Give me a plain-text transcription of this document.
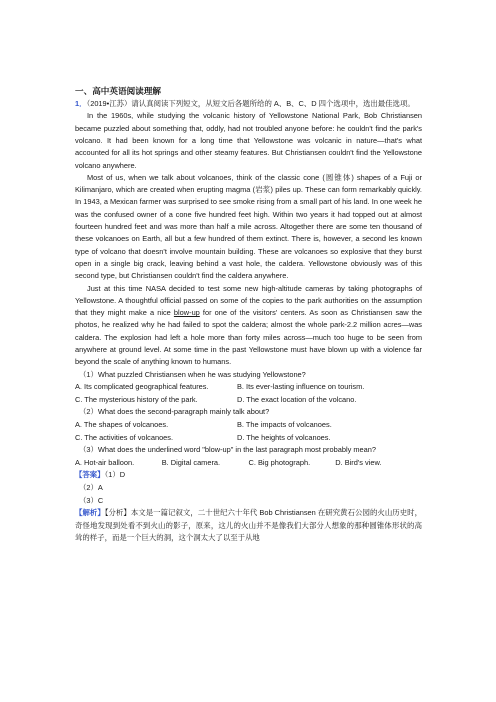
一、高中英语阅读理解

1．（2019•江苏）请认真阅读下列短文，从短文后各题所给的 A、B、C、D 四个选项中，选出最佳选项。

In the 1960s, while studying the volcanic history of Yellowstone National Park, Bob Christiansen became puzzled about something that, oddly, had not troubled anyone before: he couldn't find the park's volcano. It had been known for a long time that Yellowstone was volcanic in nature—that's what accounted for all its hot springs and other steamy features. But Christiansen couldn't find the Yellowstone volcano anywhere.

Most of us, when we talk about volcanoes, think of the classic cone (圆锥体) shapes of a Fuji or Kilimanjaro, which are created when erupting magma (岩浆) piles up. These can form remarkably quickly. In 1943, a Mexican farmer was surprised to see smoke rising from a small part of his land. In one week he was the confused owner of a cone five hundred feet high. Within two years it had topped out at almost fourteen hundred feet and was more than half a mile across. Altogether there are some ten thousand of these volcanoes on Earth, all but a few hundred of them extinct. There is, however, a second les known type of volcano that doesn't involve mountain building. These are volcanoes so explosive that they burst open in a single big crack, leaving behind a vast hole, the caldera. Yellowstone obviously was of this second type, but Christiansen couldn't find the caldera anywhere.

Just at this time NASA decided to test some new high-altitude cameras by taking photographs of Yellowstone. A thoughtful official passed on some of the copies to the park authorities on the assumption that they might make a nice blow-up for one of the visitors' centers. As soon as Christiansen saw the photos, he realized why he had failed to spot the caldera; almost the whole park-2.2 million acres—was caldera. The explosion had left a hole more than forty miles across—much too huge to be seen from anywhere at ground level. At some time in the past Yellowstone must have blown up with a violence far beyond the scale of anything known to humans.

（1）What puzzled Christiansen when he was studying Yellowstone?

A. Its complicated geographical features.	B. Its ever-lasting influence on tourism.
C. The mysterious history of the park.	D. The exact location of the volcano.

（2）What does the second-paragraph mainly talk about?

A. The shapes of volcanoes.	B. The impacts of volcanoes.
C. The activities of volcanoes.	D. The heights of volcanoes.

（3）What does the underlined word "blow-up" in the last paragraph most probably mean?

A. Hot-air balloon.	B. Digital camera.	C. Big photograph.	D. Bird's view.

【答案】（1）D

（2）A

（3）C

【解析】【分析】本文是一篇记叙文，二十世纪六十年代 Bob Christiansen 在研究黄石公园的火山历史时，奇怪地发现到处看不到火山的影子，原来，这儿的火山并不是像我们大部分人想象的那种圆锥体形状的高耸的样子，而是一个巨大的洞，这个洞太大了以至于从地
